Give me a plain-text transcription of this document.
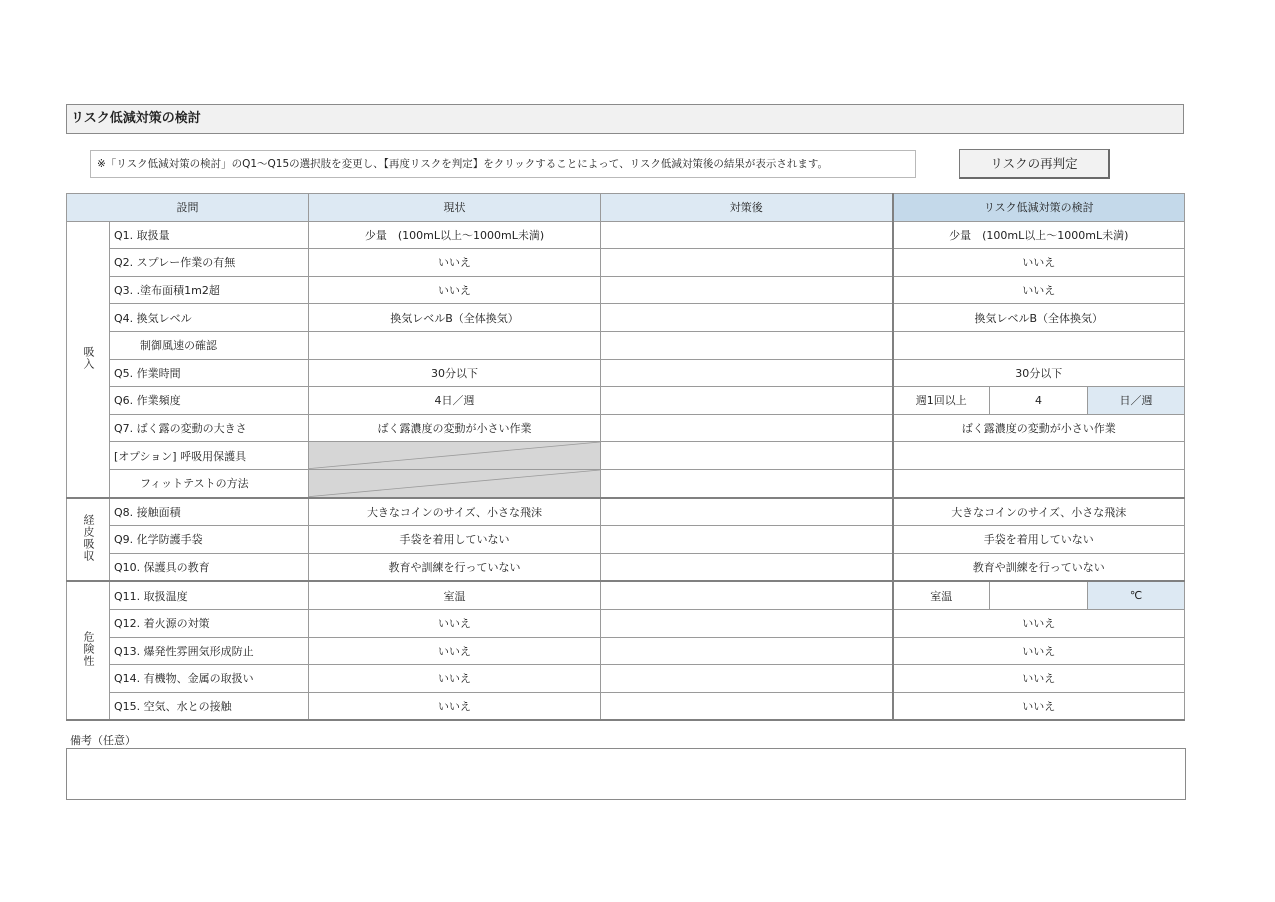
リスク低減対策の検討
※「リスク低減対策の検討」のQ1～Q15の選択肢を変更し、【再度リスクを判定】をクリックすることによって、リスク低減対策後の結果が表示されます。	リスクの再判定
設問		現状	対策後	リスク低減対策の検討		
吸入	Q1. 取扱量	少量　(100mL以上～1000mL未満)		少量　(100mL以上～1000mL未満)		
	Q2. スプレー作業の有無	いいえ		いいえ		
	Q3. .塗布面積1m2超	いいえ		いいえ		
	Q4. 換気レベル	換気レベルB（全体換気）		換気レベルB（全体換気）		
	制御風速の確認					
	Q5. 作業時間	30分以下		30分以下		
	Q6. 作業頻度	4日／週		週1回以上	4	日／週
	Q7. ばく露の変動の大きさ	ばく露濃度の変動が小さい作業		ばく露濃度の変動が小さい作業		
	[オプション] 呼吸用保護具	

	フィットテストの方法	

経皮吸収	Q8. 接触面積	大きなコインのサイズ、小さな飛沫		大きなコインのサイズ、小さな飛沫		
	Q9. 化学防護手袋	手袋を着用していない		手袋を着用していない		
	Q10. 保護具の教育	教育や訓練を行っていない		教育や訓練を行っていない		
危険性	Q11. 取扱温度	室温		室温		℃
	Q12. 着火源の対策	いいえ		いいえ		
	Q13. 爆発性雰囲気形成防止	いいえ		いいえ		
	Q14. 有機物、金属の取扱い	いいえ		いいえ		
	Q15. 空気、水との接触	いいえ		いいえ		
備考（任意）
